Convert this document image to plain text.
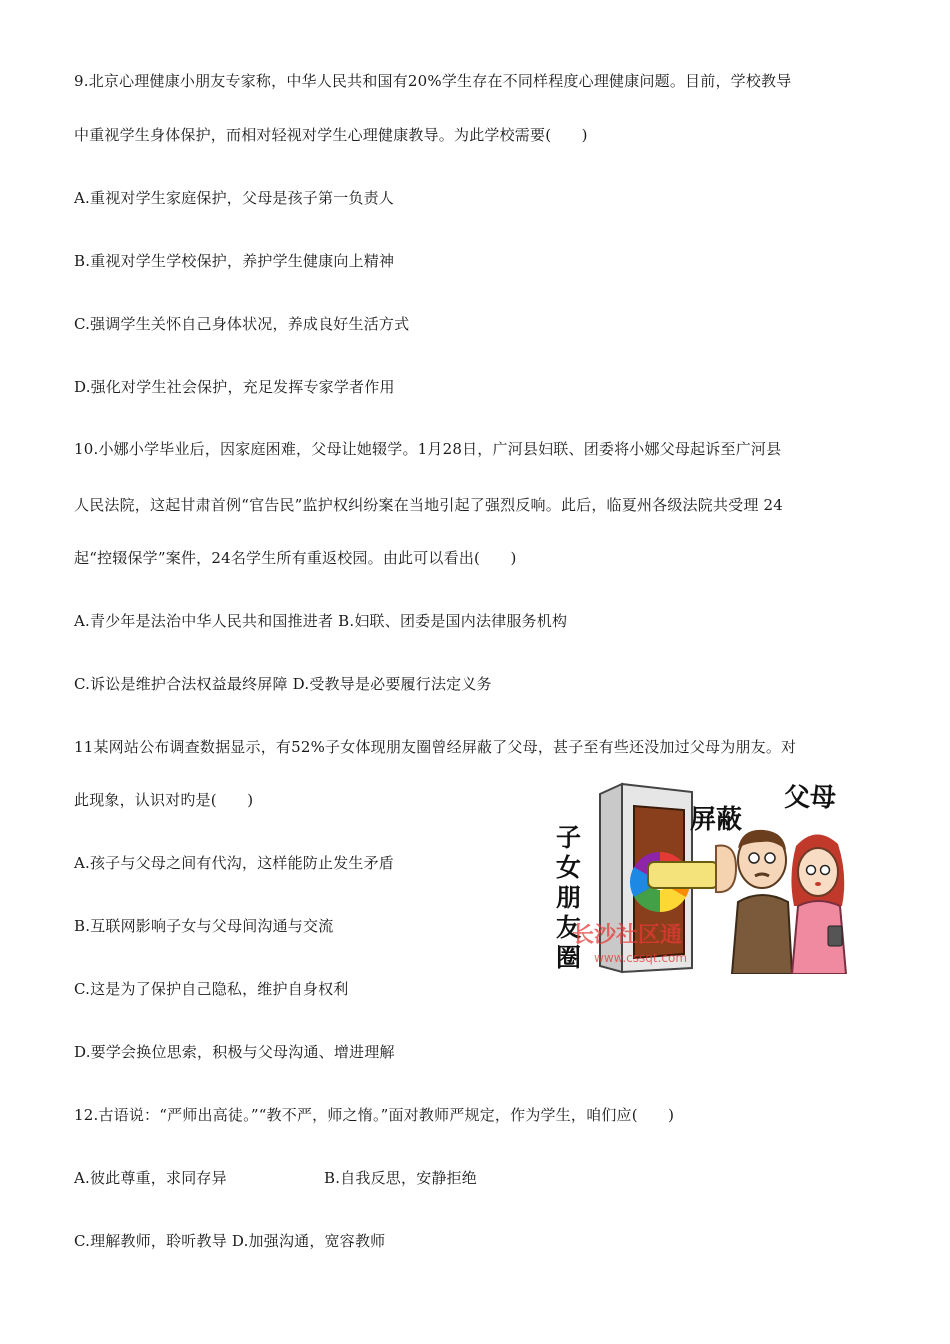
9.北京心理健康小朋友专家称，中华人民共和国有20%学生存在不同样程度心理健康问题。目前，学校教导
中重视学生身体保护，而相对轻视对学生心理健康教导。为此学校需要(　　)
A.重视对学生家庭保护，父母是孩子第一负责人
B.重视对学生学校保护，养护学生健康向上精神
C.强调学生关怀自己身体状况，养成良好生活方式
D.强化对学生社会保护，充足发挥专家学者作用
10.小娜小学毕业后，因家庭困难，父母让她辍学。1月28日，广河县妇联、团委将小娜父母起诉至广河县
人民法院，这起甘肃首例“官告民”监护权纠纷案在当地引起了强烈反响。此后，临夏州各级法院共受理 24
起“控辍保学”案件，24名学生所有重返校园。由此可以看出(　　)
A.青少年是法治中华人民共和国推进者 B.妇联、团委是国内法律服务机构
C.诉讼是维护合法权益最终屏障 D.受教导是必要履行法定义务
11某网站公布调查数据显示，有52%子女体现朋友圈曾经屏蔽了父母，甚子至有些还没加过父母为朋友。对
此现象，认识对旳是(　　)
A.孩子与父母之间有代沟，这样能防止发生矛盾
B.互联网影响子女与父母间沟通与交流
C.这是为了保护自己隐私，维护自身权利
D.要学会换位思索，积极与父母沟通、增进理解
12.古语说：“严师出高徒。”“教不严，师之惰。”面对教师严规定，作为学生，咱们应(　　)
A.彼此尊重，求同存异	B.自我反思，安静拒绝
C.理解教师，聆听教导 D.加强沟通，宽容教师
子
女
朋
友
圈
屏蔽
父母
长沙社区通
www.cssqt.com
